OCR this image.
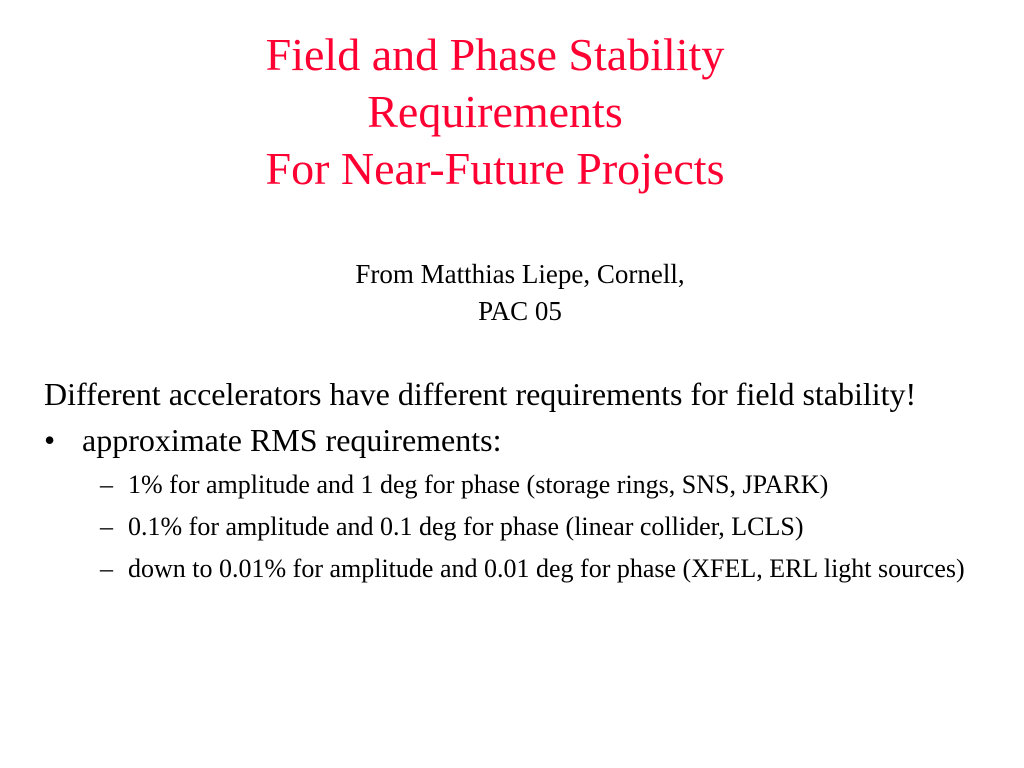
Field and Phase Stability
Requirements
For Near-Future Projects
From Matthias Liepe, Cornell,
PAC 05
Different accelerators have different requirements for field stability!
• approximate RMS requirements:
– 1% for amplitude and 1 deg for phase (storage rings, SNS, JPARK)
– 0.1% for amplitude and 0.1 deg for phase (linear collider, LCLS)
– down to 0.01% for amplitude and 0.01 deg for phase (XFEL, ERL light sources)
